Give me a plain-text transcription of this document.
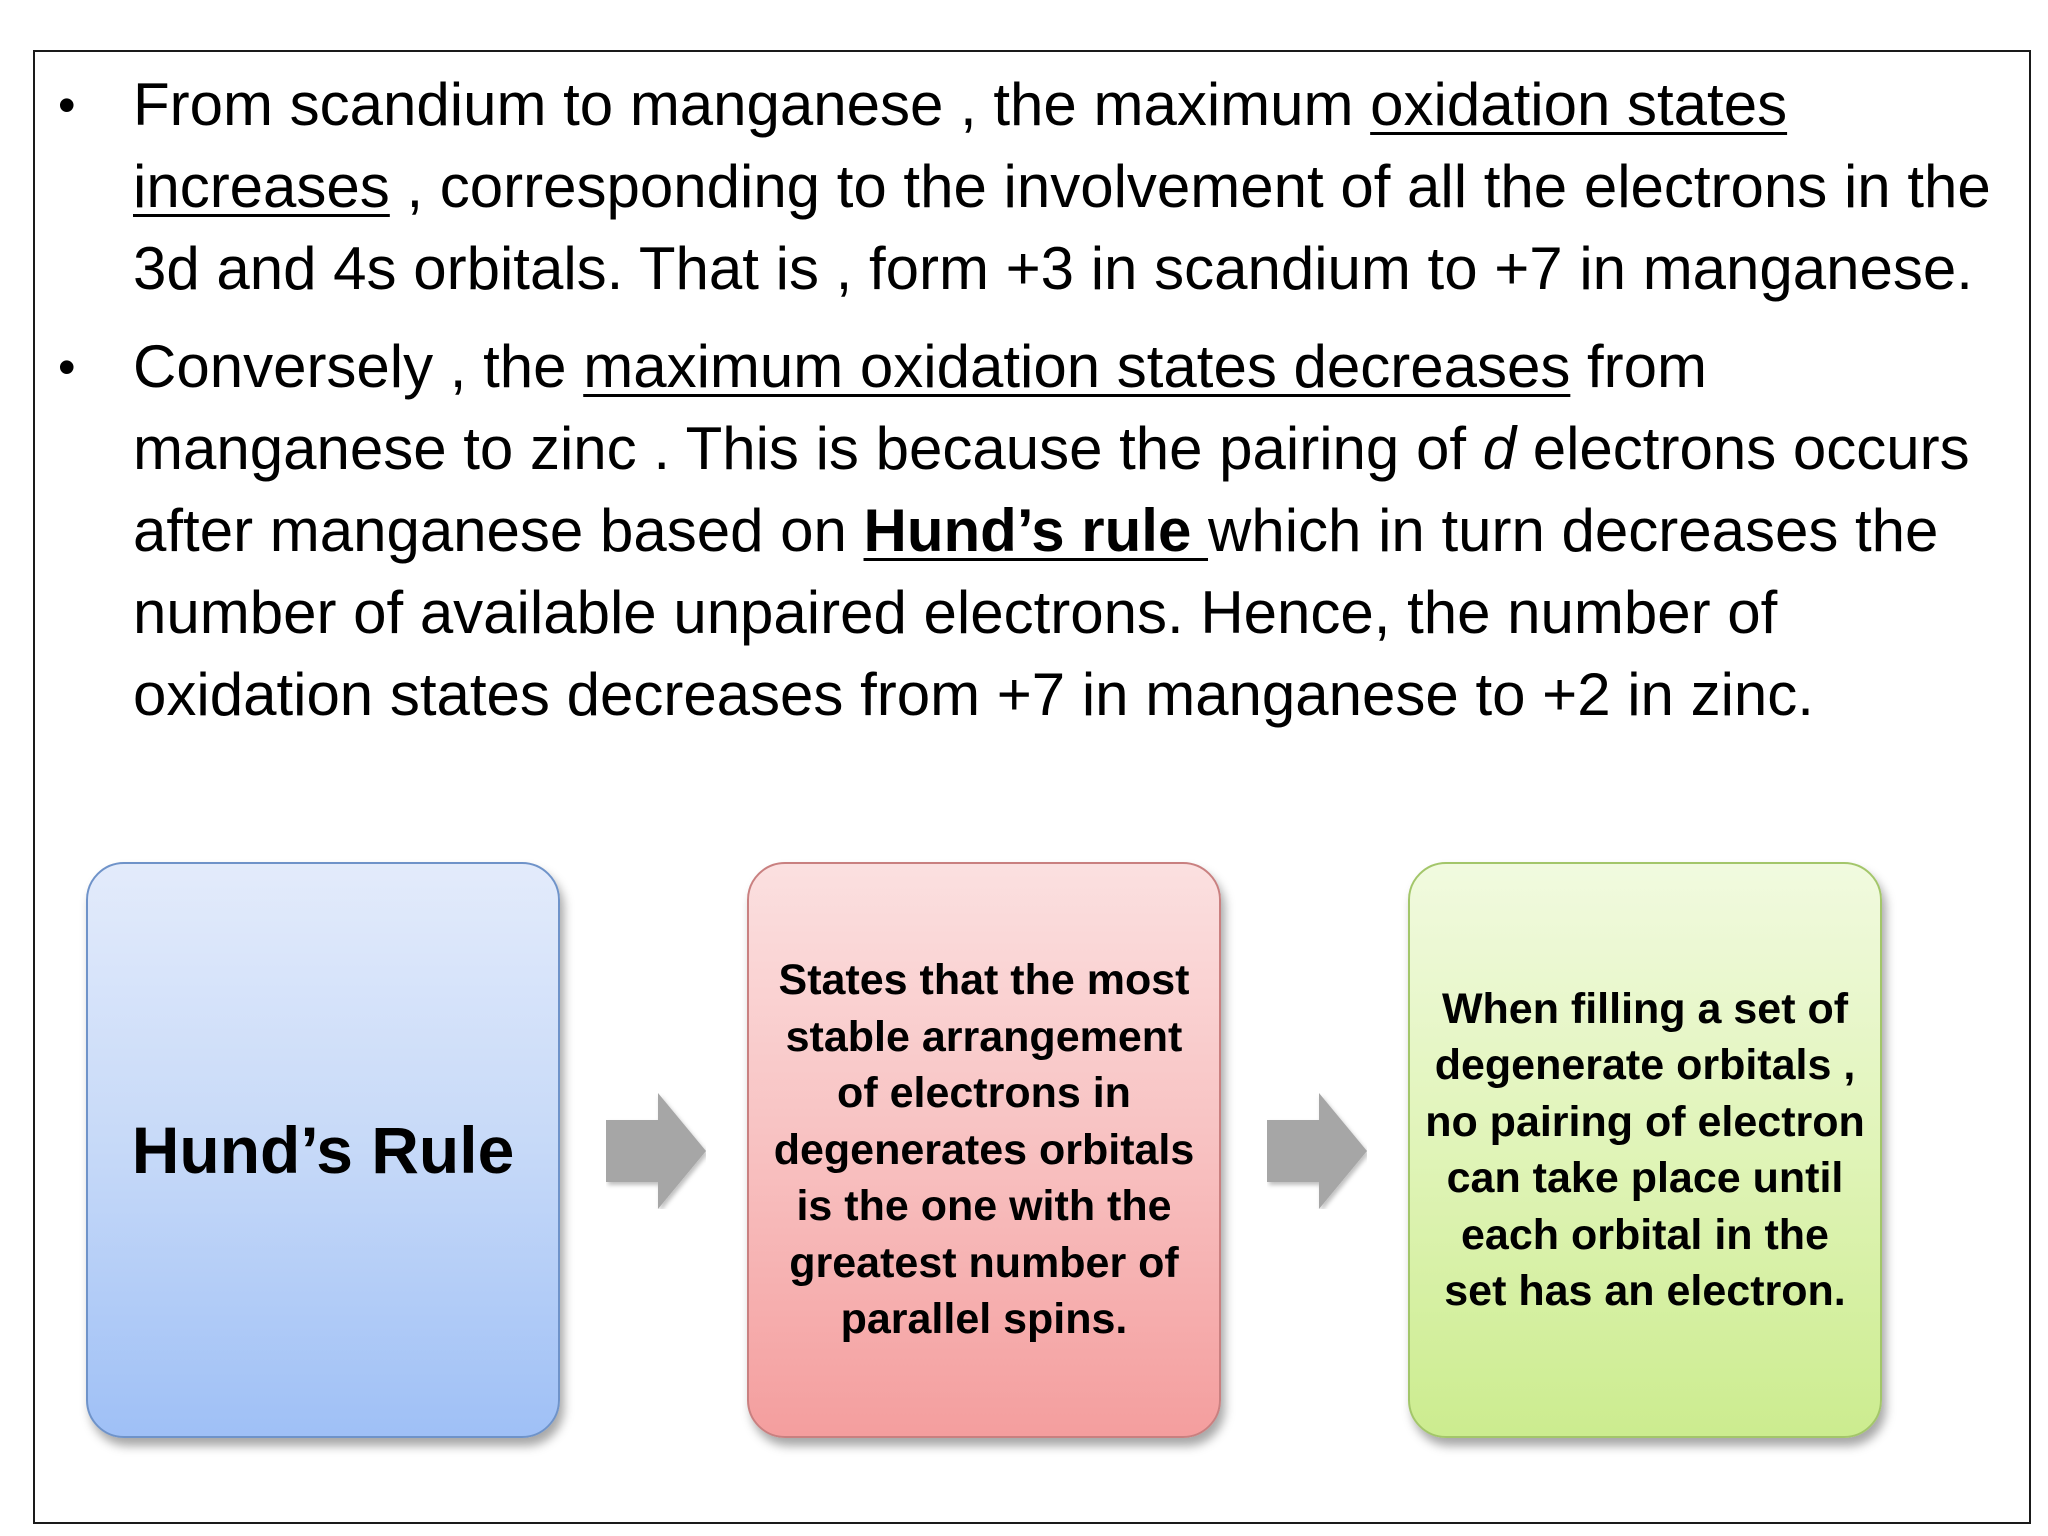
• From scandium to manganese , the maximum oxidation states increases , corresponding to the involvement of all the electrons in the 3d and 4s orbitals. That is , form +3 in scandium to +7 in manganese.
• Conversely , the maximum oxidation states decreases from manganese to zinc . This is because the pairing of d electrons occurs after manganese based on Hund’s rule which in turn decreases the number of available unpaired electrons. Hence, the number of oxidation states decreases from +7 in manganese to +2 in zinc.
Hund’s Rule
States that the most stable arrangement of electrons in degenerates orbitals is the one with the greatest number of parallel spins.
When filling a set of degenerate orbitals , no pairing of electron can take place until each orbital in the set has an electron.
